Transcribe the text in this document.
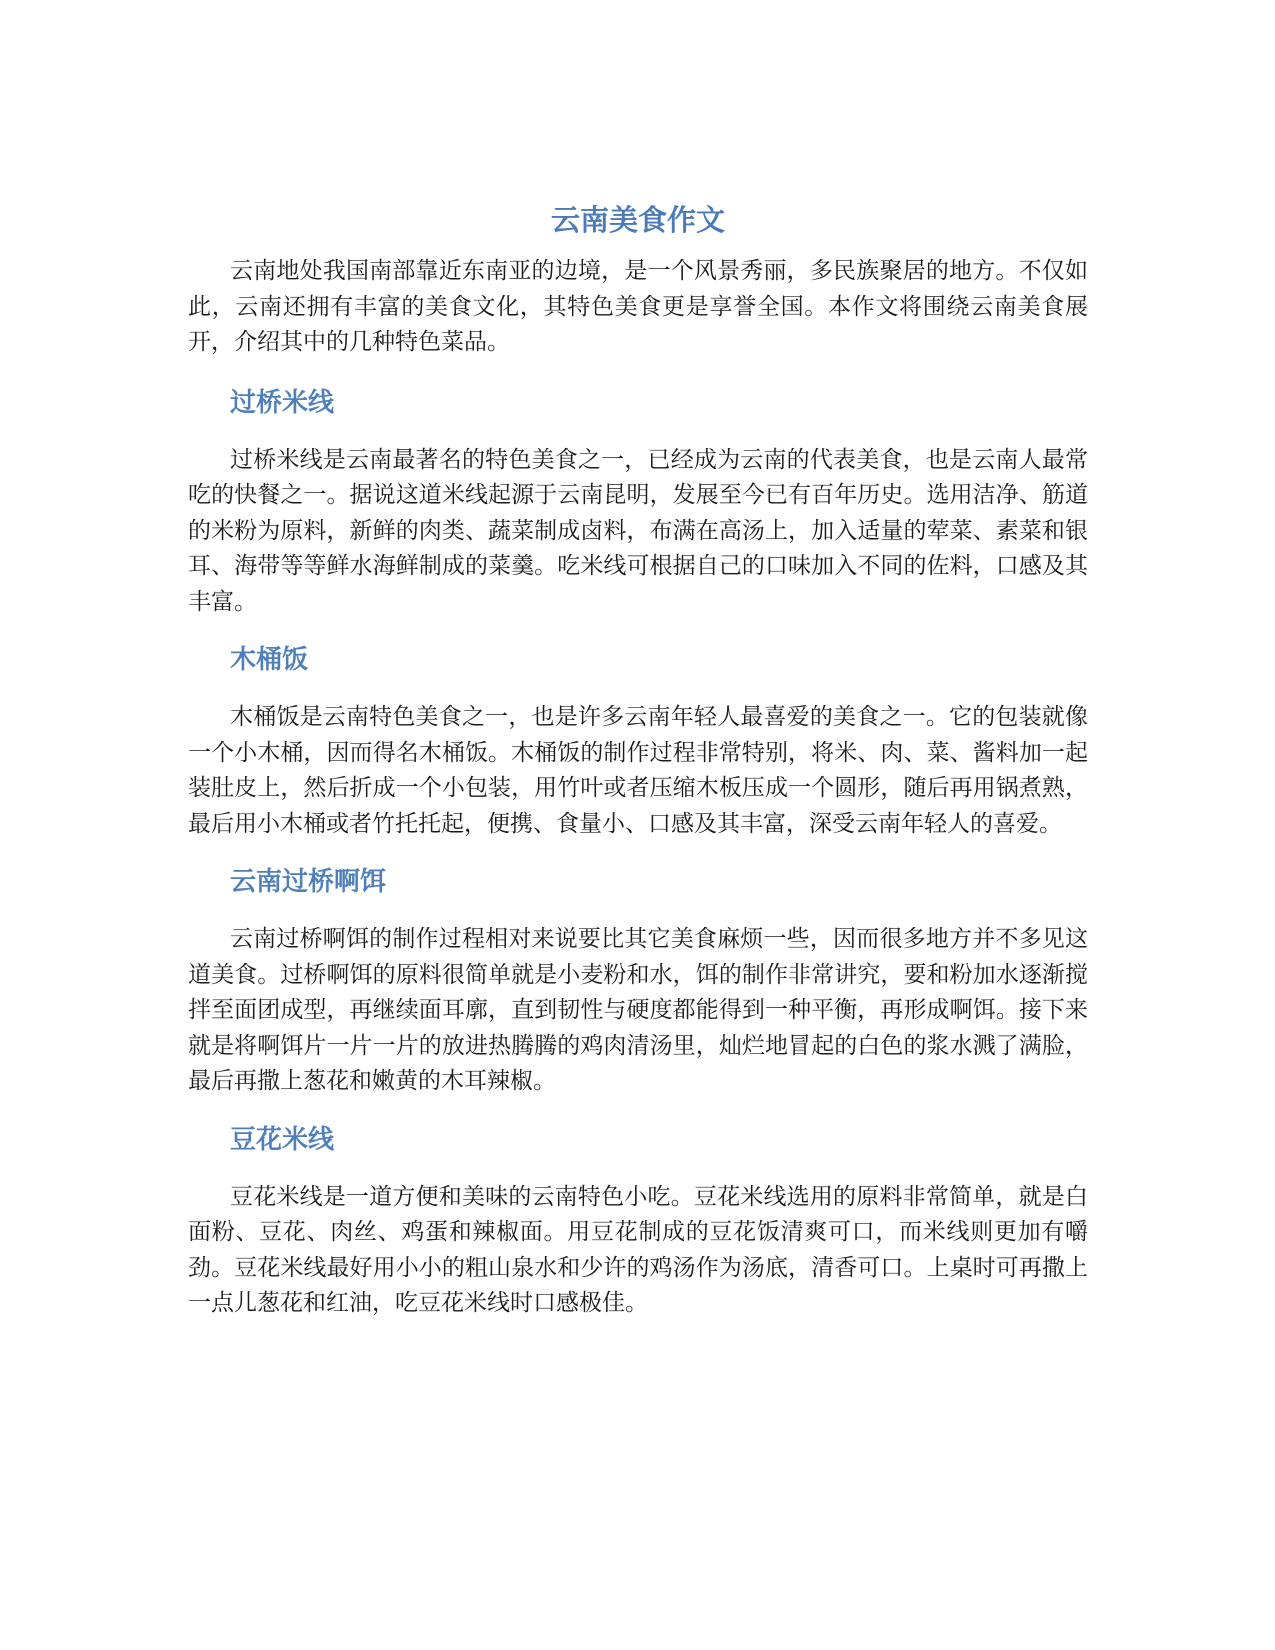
云南美食作文

云南地处我国南部靠近东南亚的边境，是一个风景秀丽，多民族聚居的地方。不仅如此，云南还拥有丰富的美食文化，其特色美食更是享誉全国。本作文将围绕云南美食展开，介绍其中的几种特色菜品。

过桥米线

过桥米线是云南最著名的特色美食之一，已经成为云南的代表美食，也是云南人最常吃的快餐之一。据说这道米线起源于云南昆明，发展至今已有百年历史。选用洁净、筋道的米粉为原料，新鲜的肉类、蔬菜制成卤料，布满在高汤上，加入适量的荤菜、素菜和银耳、海带等等鲜水海鲜制成的菜羹。吃米线可根据自己的口味加入不同的佐料，口感及其丰富。

木桶饭

木桶饭是云南特色美食之一，也是许多云南年轻人最喜爱的美食之一。它的包装就像一个小木桶，因而得名木桶饭。木桶饭的制作过程非常特别，将米、肉、菜、酱料加一起装肚皮上，然后折成一个小包装，用竹叶或者压缩木板压成一个圆形，随后再用锅煮熟，最后用小木桶或者竹托托起，便携、食量小、口感及其丰富，深受云南年轻人的喜爱。

云南过桥啊饵

云南过桥啊饵的制作过程相对来说要比其它美食麻烦一些，因而很多地方并不多见这道美食。过桥啊饵的原料很简单就是小麦粉和水，饵的制作非常讲究，要和粉加水逐渐搅拌至面团成型，再继续面耳廓，直到韧性与硬度都能得到一种平衡，再形成啊饵。接下来就是将啊饵片一片一片的放进热腾腾的鸡肉清汤里，灿烂地冒起的白色的浆水溅了满脸，最后再撒上葱花和嫩黄的木耳辣椒。

豆花米线

豆花米线是一道方便和美味的云南特色小吃。豆花米线选用的原料非常简单，就是白面粉、豆花、肉丝、鸡蛋和辣椒面。用豆花制成的豆花饭清爽可口，而米线则更加有嚼劲。豆花米线最好用小小的粗山泉水和少许的鸡汤作为汤底，清香可口。上桌时可再撒上一点儿葱花和红油，吃豆花米线时口感极佳。
